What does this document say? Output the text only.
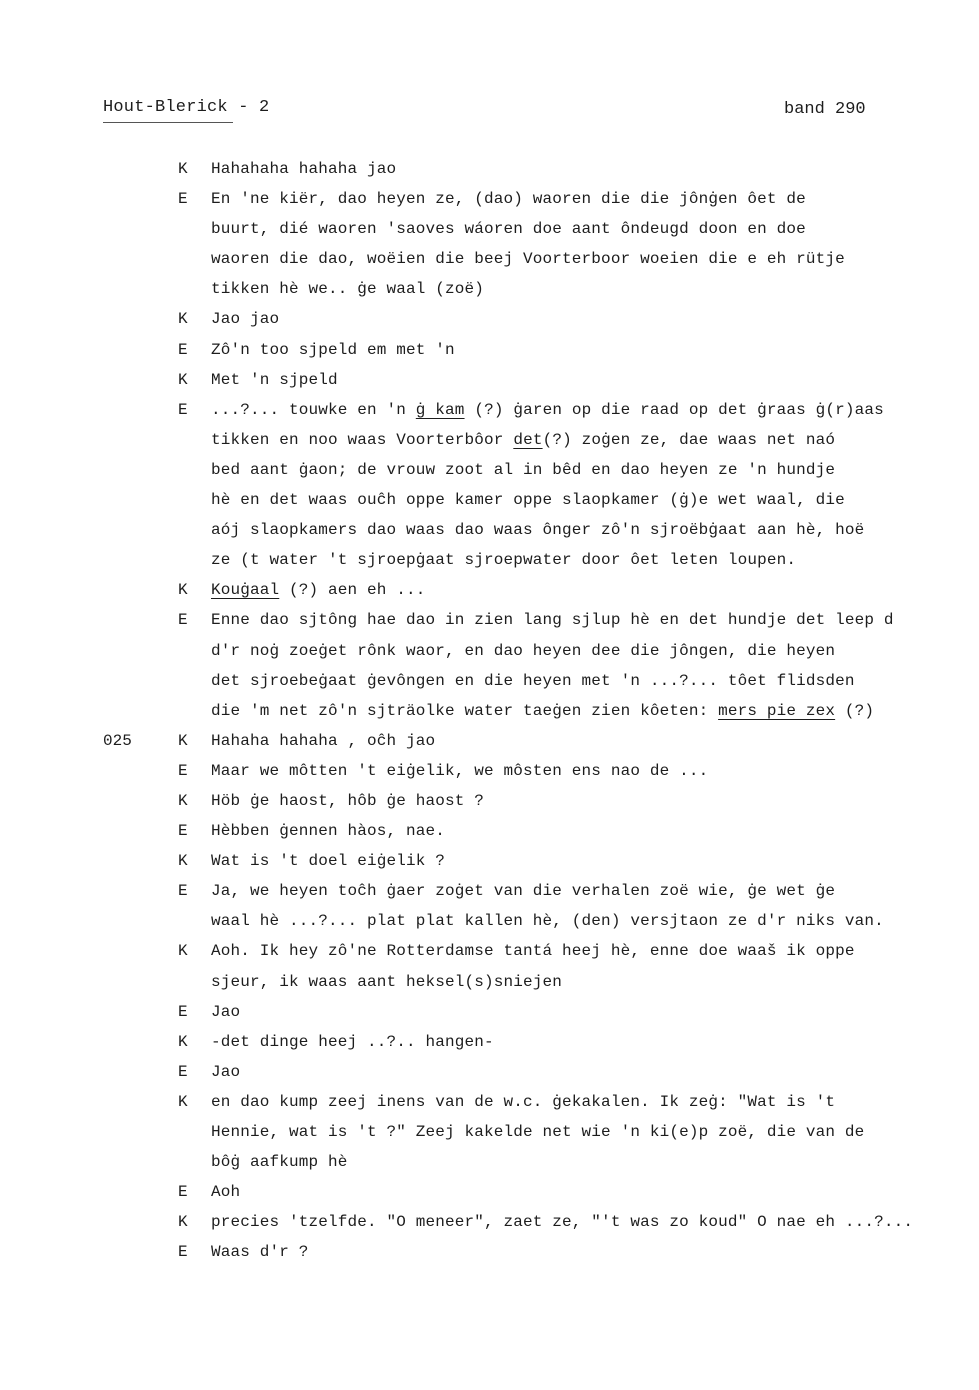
Hout-Blerick - 2	band 290
K	Hahahaha hahaha jao
E	En 'ne kiër, dao heyen ze, (dao) waoren die die jônġen ôet de
buurt, dié waoren 'saoves wáoren doe aant ôndeugd doon en doe
waoren die dao, woëien die beej Voorterboor woeien die e eh rütje
tikken hè we.. ġe waal (zoë)
K	Jao jao
E	Zô'n too sjpeld em met 'n
K	Met 'n sjpeld
E	...?... touwke en 'n ġ kam (?) ġaren op die raad op det ġraas ġ(r)aas
tikken en noo waas Voorterbôor det(?) zoġen ze, dae waas net naó
bed aant ġaon; de vrouw zoot al in bêd en dao heyen ze 'n hundje
hè en det waas ouĉh oppe kamer oppe slaopkamer (ġ)e wet waal, die
aój slaopkamers dao waas dao waas ônger zô'n sjroëbġaat aan hè, hoë
ze (t water 't sjroepġaat sjroepwater door ôet leten loupen.
K	Kouġaal (?) aen eh ...
E	Enne dao sjtông hae dao in zien lang sjlup hè en det hundje det leep d
d'r noġ zoeġet rônk waor, en dao heyen dee die jôngen, die heyen
det sjroebeġaat ġevôngen en die heyen met 'n ...?... tôet flidsden
die 'm net zô'n sjträolke water taeġen zien kôeten: mers pie zex (?)
025	K	Hahaha hahaha , oĉh jao
E	Maar we môtten 't eiġelik, we môsten ens nao de ...
K	Höb ġe haost, hôb ġe haost ?
E	Hèbben ġennen hàos, nae.
K	Wat is 't doel eiġelik ?
E	Ja, we heyen toĉh ġaer zoġet van die verhalen zoë wie, ġe wet ġe
waal hè ...?... plat plat kallen hè, (den) versjtaon ze d'r niks van.
K	Aoh. Ik hey zô'ne Rotterdamse tantá heej hè, enne doe waaš ik oppe
sjeur, ik waas aant heksel(s)sniejen
E	Jao
K	-det dinge heej ..?.. hangen-
E	Jao
K	en dao kump zeej inens van de w.c. ġekakalen. Ik zeġ: "Wat is 't
Hennie, wat is 't ?" Zeej kakelde net wie 'n ki(e)p zoë, die van de
bôġ aafkump hè
E	Aoh
K	precies 'tzelfde. "O meneer", zaet ze, "'t was zo koud" O nae eh ...?...
E	Waas d'r ?
